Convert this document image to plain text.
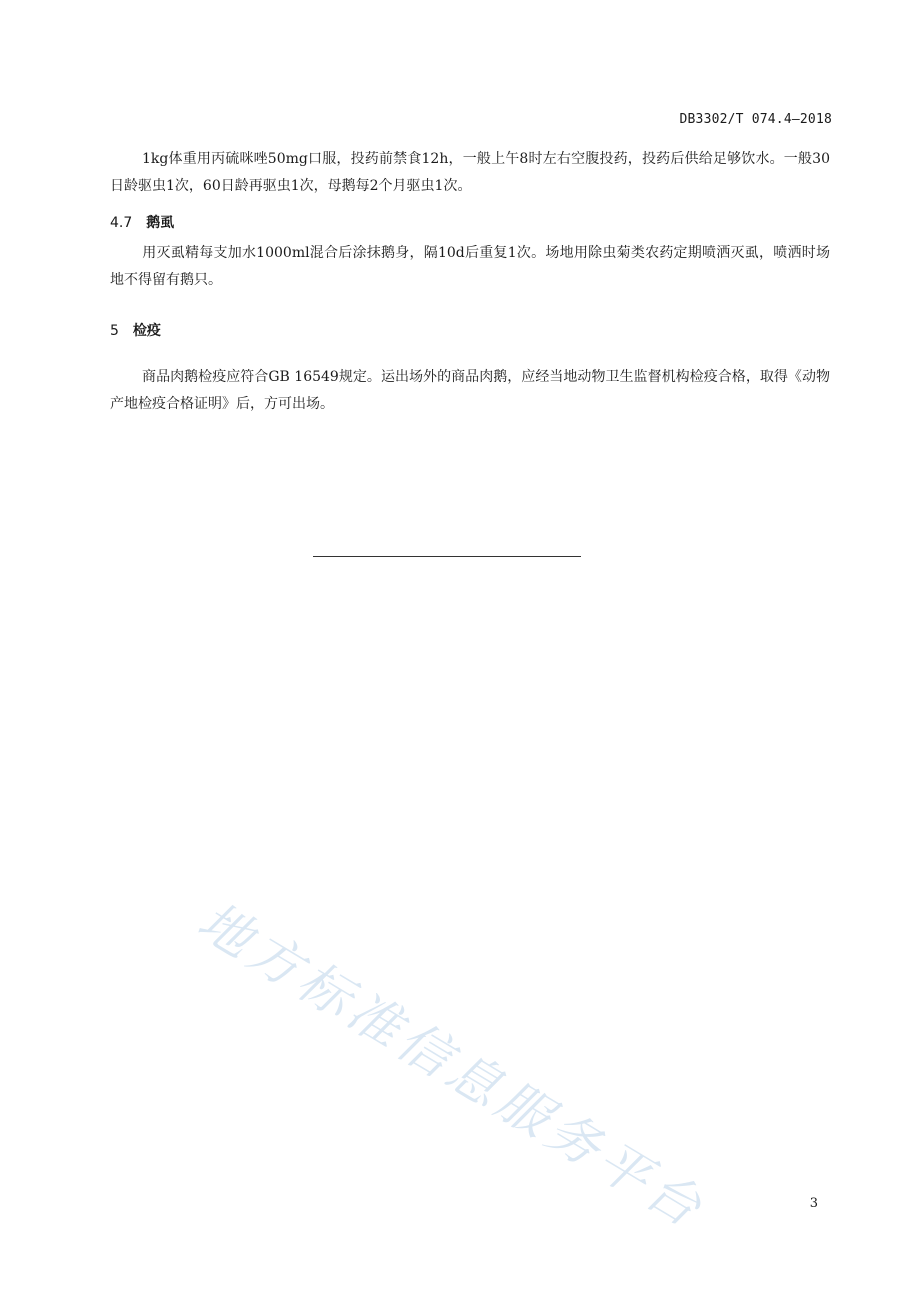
DB3302/T 074.4—2018

1kg体重用丙硫咪唑50mg口服，投药前禁食12h，一般上午8时左右空腹投药，投药后供给足够饮水。一般30日龄驱虫1次，60日龄再驱虫1次，母鹅每2个月驱虫1次。

4.7 鹅虱

用灭虱精每支加水1000ml混合后涂抹鹅身，隔10d后重复1次。场地用除虫菊类农药定期喷洒灭虱，喷洒时场地不得留有鹅只。

5 检疫

商品肉鹅检疫应符合GB 16549规定。运出场外的商品肉鹅，应经当地动物卫生监督机构检疫合格，取得《动物产地检疫合格证明》后，方可出场。

地方标准信息服务平台	3
